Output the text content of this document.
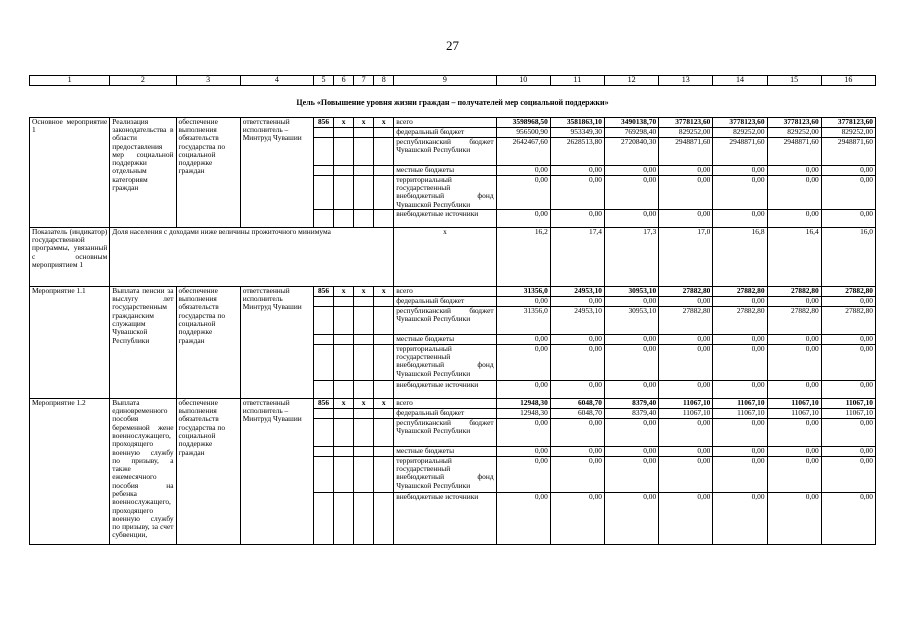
27
1	2	3	4	5	6	7	8	9	10	11	12	13	14	15	16
Цель «Повышение уровня жизни граждан – получателей мер социальной поддержки»															
Основное мероприятие 1	Реализация законодательства в области предоставления мер социальной поддержки отдельным категориям граждан	обеспечение выполнения обязательств государства по социальной поддержке граждан	ответственный исполнитель – Минтруд Чувашии	856	x	x	x	всего	3598968,50	3581863,10	3490138,70	3778123,60	3778123,60	3778123,60	3778123,60
								федеральный бюджет	956500,90	953349,30	769298,40	829252,00	829252,00	829252,00	829252,00
								республиканский бюджет Чувашской Республики	2642467,60	2628513,80	2720840,30	2948871,60	2948871,60	2948871,60	2948871,60
								местные бюджеты	0,00	0,00	0,00	0,00	0,00	0,00	0,00
								территориальный государственный внебюджетный фонд Чувашской Республики	0,00	0,00	0,00	0,00	0,00	0,00	0,00
								внебюджетные источники	0,00	0,00	0,00	0,00	0,00	0,00	0,00
Показатель (индикатор) государственной программы, увязанный с основным мероприятием 1	Доля населения с доходами ниже величины прожиточного минимума							x	16,2	17,4	17,3	17,0	16,8	16,4	16,0
Мероприятие 1.1	Выплата пенсии за выслугу лет государственным гражданским служащим Чувашской Республики	обеспечение выполнения обязательств государства по социальной поддержке граждан	ответственный исполнитель Минтруд Чувашии	856	x	x	x	всего	31356,0	24953,10	30953,10	27882,80	27882,80	27882,80	27882,80
								федеральный бюджет	0,00	0,00	0,00	0,00	0,00	0,00	0,00
								республиканский бюджет Чувашской Республики	31356,0	24953,10	30953,10	27882,80	27882,80	27882,80	27882,80
								местные бюджеты	0,00	0,00	0,00	0,00	0,00	0,00	0,00
								территориальный государственный внебюджетный фонд Чувашской Республики	0,00	0,00	0,00	0,00	0,00	0,00	0,00
								внебюджетные источники	0,00	0,00	0,00	0,00	0,00	0,00	0,00
Мероприятие 1.2	Выплата единовременного пособия беременной жене военнослужащего, проходящего военную службу по призыву, а также ежемесячного пособия на ребенка военнослужащего, проходящего военную службу по призыву, за счет субвенции,	обеспечение выполнения обязательств государства по социальной поддержке граждан	ответственный исполнитель – Минтруд Чувашии	856	x	x	x	всего	12948,30	6048,70	8379,40	11067,10	11067,10	11067,10	11067,10
								федеральный бюджет	12948,30	6048,70	8379,40	11067,10	11067,10	11067,10	11067,10
								республиканский бюджет Чувашской Республики	0,00	0,00	0,00	0,00	0,00	0,00	0,00
								местные бюджеты	0,00	0,00	0,00	0,00	0,00	0,00	0,00
								территориальный государственный внебюджетный фонд Чувашской Республики	0,00	0,00	0,00	0,00	0,00	0,00	0,00
								внебюджетные источники	0,00	0,00	0,00	0,00	0,00	0,00	0,00
